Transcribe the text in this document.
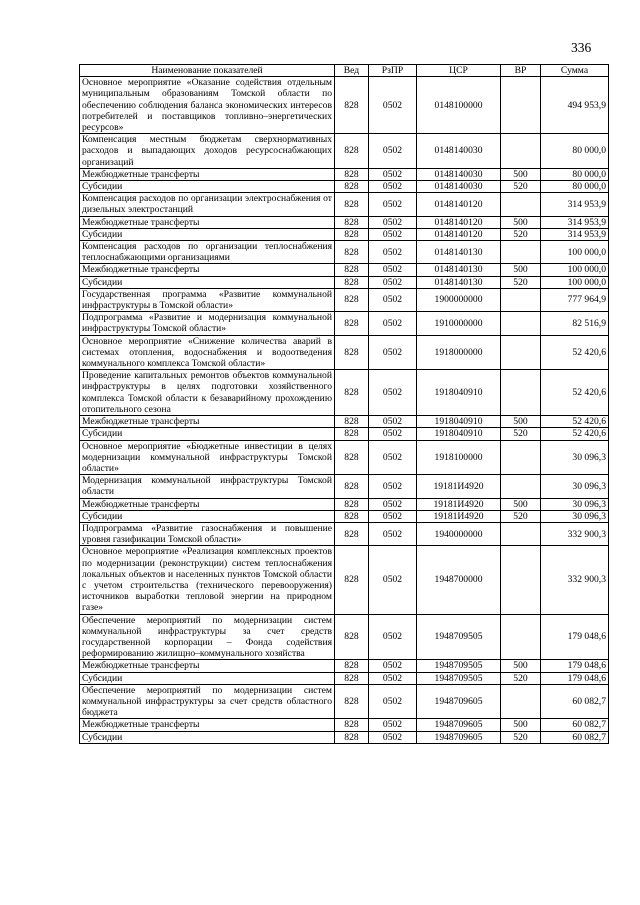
336
Наименование показателей	Вед	РзПР	ЦСР	ВР	Сумма
Основное мероприятие «Оказание содействия отдельным муниципальным образованиям Томской области по обеспечению соблюдения баланса экономических интересов потребителей и поставщиков топливно–энергетических ресурсов»	828	0502	0148100000		494 953,9
Компенсация местным бюджетам сверхнормативных расходов и выпадающих доходов ресурсоснабжающих организаций	828	0502	0148140030		80 000,0
Межбюджетные трансферты	828	0502	0148140030	500	80 000,0
Субсидии	828	0502	0148140030	520	80 000,0
Компенсация расходов по организации электроснабжения от дизельных электростанций	828	0502	0148140120		314 953,9
Межбюджетные трансферты	828	0502	0148140120	500	314 953,9
Субсидии	828	0502	0148140120	520	314 953,9
Компенсация расходов по организации теплоснабжения теплоснабжающими организациями	828	0502	0148140130		100 000,0
Межбюджетные трансферты	828	0502	0148140130	500	100 000,0
Субсидии	828	0502	0148140130	520	100 000,0
Государственная программа «Развитие коммунальной инфраструктуры в Томской области»	828	0502	1900000000		777 964,9
Подпрограмма «Развитие и модернизация коммунальной инфраструктуры Томской области»	828	0502	1910000000		82 516,9
Основное мероприятие «Снижение количества аварий в системах отопления, водоснабжения и водоотведения коммунального комплекса Томской области»	828	0502	1918000000		52 420,6
Проведение капитальных ремонтов объектов коммунальной инфраструктуры в целях подготовки хозяйственного комплекса Томской области к безаварийному прохождению отопительного сезона	828	0502	1918040910		52 420,6
Межбюджетные трансферты	828	0502	1918040910	500	52 420,6
Субсидии	828	0502	1918040910	520	52 420,6
Основное мероприятие «Бюджетные инвестиции в целях модернизации коммунальной инфраструктуры Томской области»	828	0502	1918100000		30 096,3
Модернизация коммунальной инфраструктуры Томской области	828	0502	19181И4920		30 096,3
Межбюджетные трансферты	828	0502	19181И4920	500	30 096,3
Субсидии	828	0502	19181И4920	520	30 096,3
Подпрограмма «Развитие газоснабжения и повышение уровня газификации Томской области»	828	0502	1940000000		332 900,3
Основное мероприятие «Реализация комплексных проектов по модернизации (реконструкции) систем теплоснабжения локальных объектов и населенных пунктов Томской области с учетом строительства (технического перевооружения) источников выработки тепловой энергии на природном газе»	828	0502	1948700000		332 900,3
Обеспечение мероприятий по модернизации систем коммунальной инфраструктуры за счет средств государственной корпорации – Фонда содействия реформированию жилищно–коммунального хозяйства	828	0502	1948709505		179 048,6
Межбюджетные трансферты	828	0502	1948709505	500	179 048,6
Субсидии	828	0502	1948709505	520	179 048,6
Обеспечение мероприятий по модернизации систем коммунальной инфраструктуры за счет средств областного бюджета	828	0502	1948709605		60 082,7
Межбюджетные трансферты	828	0502	1948709605	500	60 082,7
Субсидии	828	0502	1948709605	520	60 082,7
